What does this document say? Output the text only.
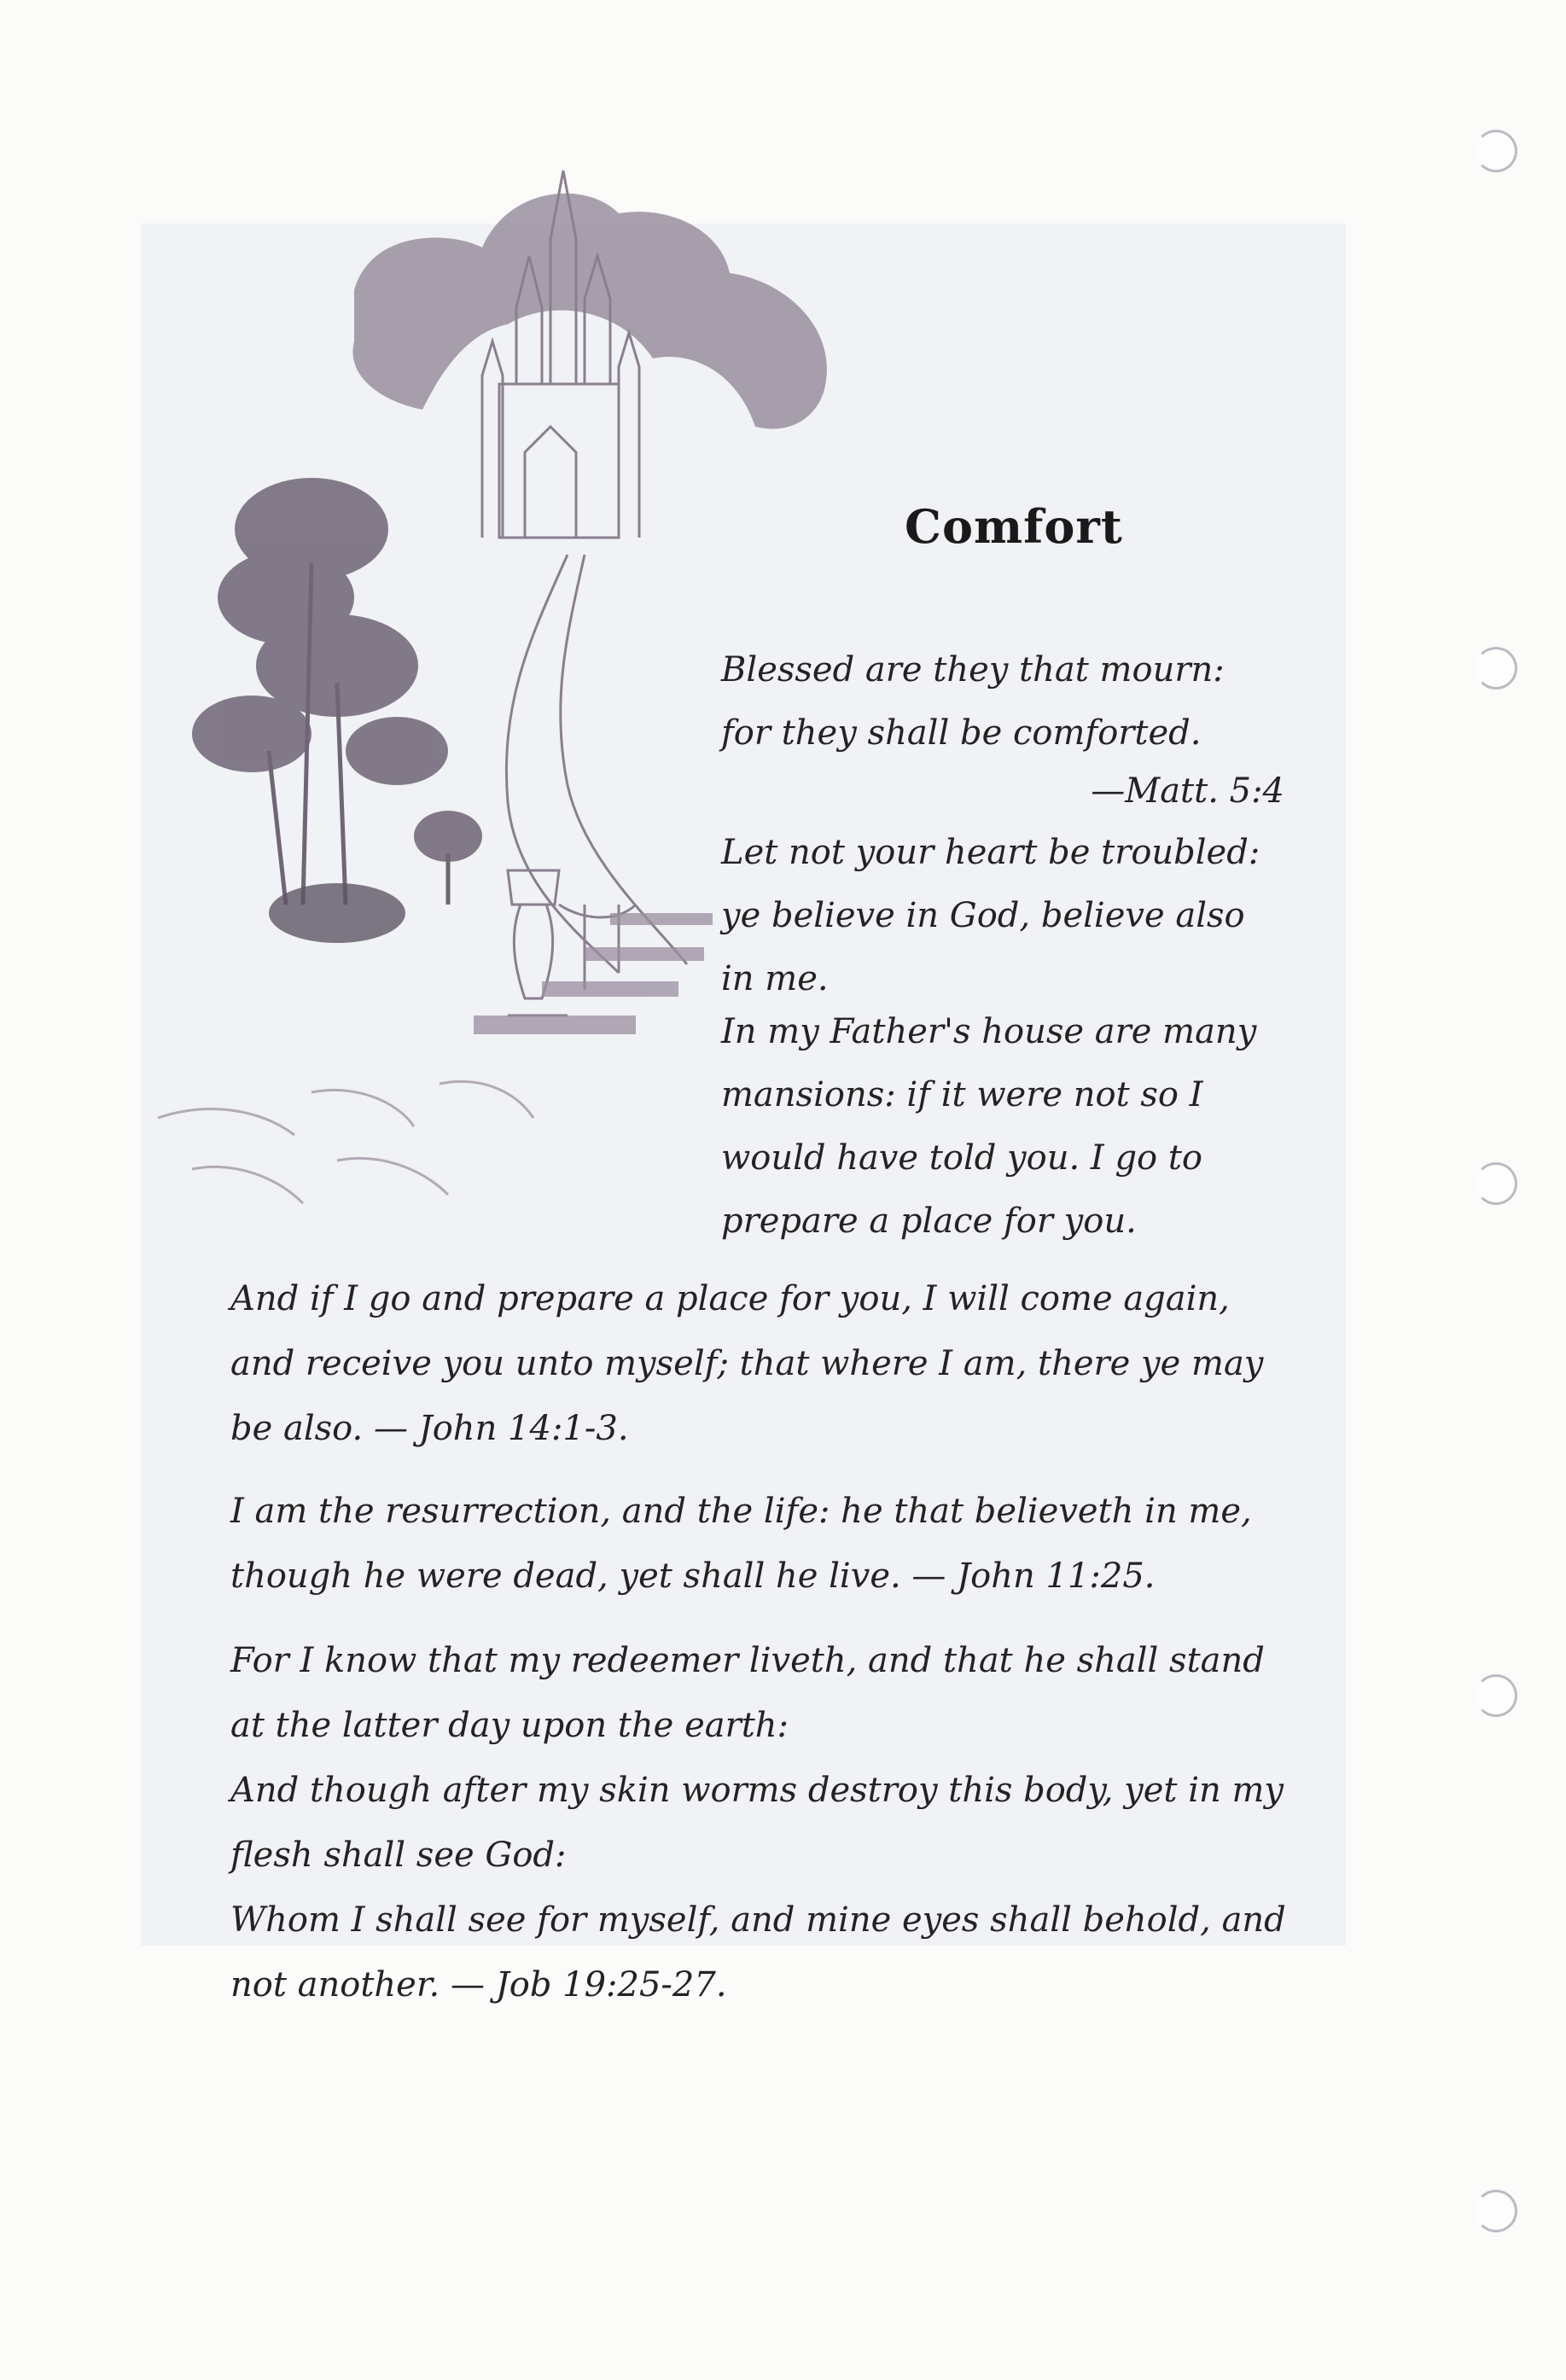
Comfort

Blessed are they that mourn: for they shall be comforted.

—Matt. 5:4

Let not your heart be troubled: ye believe in God, believe also in me.

In my Father's house are many mansions: if it were not so I would have told you. I go to prepare a place for you.

And if I go and prepare a place for you, I will come again, and receive you unto myself; that where I am, there ye may be also. — John 14:1-3.

I am the resurrection, and the life: he that believeth in me, though he were dead, yet shall he live. — John 11:25.

For I know that my redeemer liveth, and that he shall stand at the latter day upon the earth:

And though after my skin worms destroy this body, yet in my flesh shall see God:

Whom I shall see for myself, and mine eyes shall behold, and not another. — Job 19:25-27.
